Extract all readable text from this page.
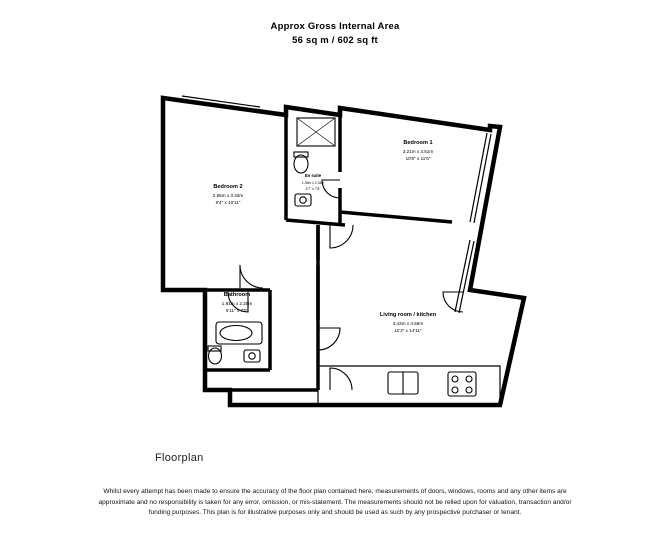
Approx Gross Internal Area
56 sq m / 602 sq ft
Bedroom 1
3.21m x 3.51m
10'6" x 11'6"
Bedroom 2
2.85m x 3.33m
9'4" x 10'11"
En suite
1.39m x 2.34m
4'7" x 7'8"
Bathroom
1.81m x 2.28m
5'11" x 7'5"
Living room / kitchen
3.43m x 4.55m
11'3" x 14'11"
Floorplan
Whilst every attempt has been made to ensure the accuracy of the floor plan contained here, measurements of doors, windows, rooms and any other items are approximate and no responsibility is taken for any error, omission, or mis-statement. The measurements should not be relied upon for valuation, transaction and/or funding purposes. This plan is for illustrative purposes only and should be used as such by any prospective purchaser or tenant.
